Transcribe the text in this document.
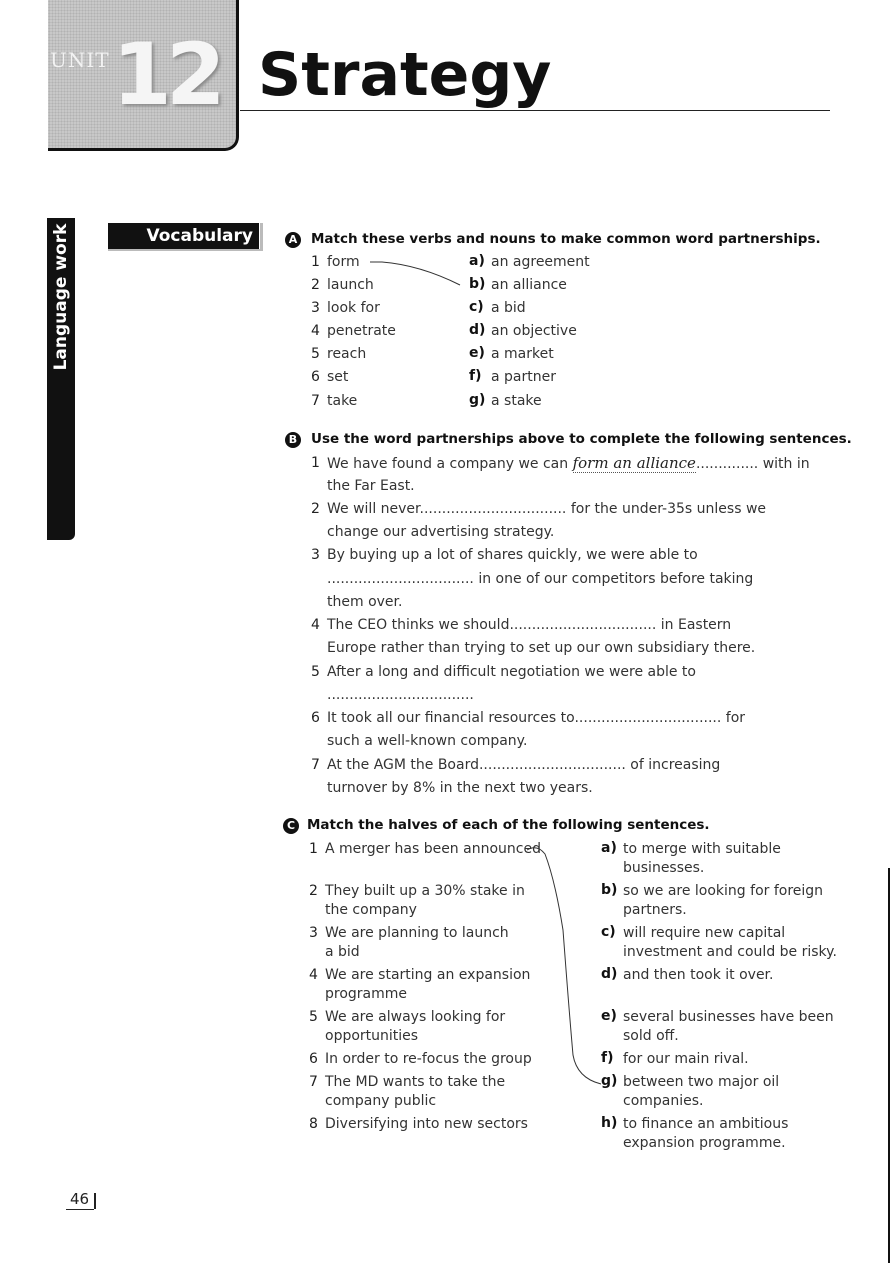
UNIT 12 Strategy
Language work	Vocabulary	A Match these verbs and nouns to make common word partnerships.
1 form
2 launch
3 look for
4 penetrate
5 reach
6 set
7 take
a) an agreement
b) an alliance
c) a bid
d) an objective
e) a market
f) a partner
g) a stake
B Use the word partnerships above to complete the following sentences.
1 We have found a company we can form an alliance.............. with in
the Far East.
2 We will never................................. for the under-35s unless we
change our advertising strategy.
3 By buying up a lot of shares quickly, we were able to
................................. in one of our competitors before taking
them over.
4 The CEO thinks we should................................. in Eastern
Europe rather than trying to set up our own subsidiary there.
5 After a long and difficult negotiation we were able to
.................................
6 It took all our financial resources to................................. for
such a well-known company.
7 At the AGM the Board................................. of increasing
turnover by 8% in the next two years.
C Match the halves of each of the following sentences.
1 A merger has been announced
2 They built up a 30% stake in
the company
3 We are planning to launch
a bid
4 We are starting an expansion
programme
5 We are always looking for
opportunities
6 In order to re-focus the group
7 The MD wants to take the
company public
8 Diversifying into new sectors
a) to merge with suitable
businesses.
b) so we are looking for foreign
partners.
c) will require new capital
investment and could be risky.
d) and then took it over.
e) several businesses have been
sold off.
f) for our main rival.
g) between two major oil
companies.
h) to finance an ambitious
expansion programme.
46
